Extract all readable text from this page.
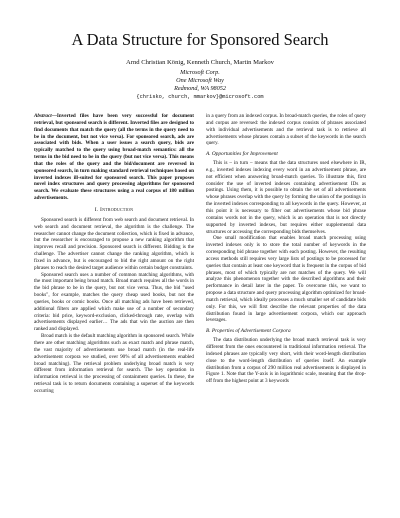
A Data Structure for Sponsored Search
Arnd Christian König, Kenneth Church, Martin Markov
Microsoft Corp.
One Microsoft Way
Redmond, WA 98052
{chrisko, church, mmarkov}@microsoft.com

Abstract—Inverted files have been very successful for document retrieval, but sponsored search is different. Inverted files are designed to find documents that match the query (all the terms in the query need to be in the document, but not vice versa). For sponsored search, ads are associated with bids. When a user issues a search query, bids are typically matched to the query using broad-match semantics: all the terms in the bid need to be in the query (but not vice versa). This means that the roles of the query and the bid/document are reversed in sponsored search, in turn making standard retrieval techniques based on inverted indexes ill-suited for sponsored search. This paper proposes novel index structures and query processing algorithms for sponsored search. We evaluate these structures using a real corpus of 180 million advertisements.

I. Introduction

Sponsored search is different from web search and document retrieval. In web search and document retrieval, the algorithm is the challenge. The researcher cannot change the document collection, which is fixed in advance, but the researcher is encouraged to propose a new ranking algorithm that improves recall and precision. Sponsored search is different. Bidding is the challenge. The advertiser cannot change the ranking algorithm, which is fixed in advance, but is encouraged to bid the right amount on the right phrases to reach the desired target audience within certain budget constraints.

Sponsored search uses a number of common matching algorithms, with the most important being broad match. Broad match requires all the words in the bid phrase to be in the query, but not vice versa. Thus, the bid "used books", for example, matches the query cheap used books, but not the queries, books or comic books. Once all matching ads have been retrieved, additional filters are applied which make use of a number of secondary criteria: bid price, keyword-exclusion, clicked-through rate, overlap with advertisements displayed earlier… The ads that win the auction are then ranked and displayed.

Broad match is the default matching algorithm in sponsored search. While there are other matching algorithms such as exact match and phrase match, the vast majority of advertisements use broad match (in the real-life advertisement corpora we studied, over 90% of all advertisements enabled broad matching). The retrieval problem underlying broad match is very different from information retrieval for search. The key operation in information retrieval is the processing of containment queries. In these, the retrieval task is to return documents containing a superset of the keywords occurring

in a query from an indexed corpus. In broad-match queries, the roles of query and corpus are reversed: the indexed corpus consists of phrases associated with individual advertisements and the retrieval task is to retrieve all advertisements whose phrases contain a subset of the keywords in the search query.

A. Opportunities for Improvement

This is – in turn – means that the data structures used elsewhere in IR, e.g., inverted indexes indexing every word in an advertisement phrase, are not efficient when answering broad-match queries. To illustrate this, first consider the use of inverted indexes containing advertisement IDs as postings. Using them, it is possible to obtain the set of all advertisements whose phrases overlap with the query by forming the union of the postings in the inverted indexes corresponding to all keywords in the query. However, at this point it is necessary to filter out advertisements whose bid phrase contains words not in the query, which is an operation that is not directly supported by inverted indexes, but requires either supplemental data structures or accessing the corresponding bids themselves.

One small modification that enables broad match processing using inverted indexes only is to store the total number of keywords in the corresponding bid phrase together with each posting. However, the resulting access methods still requires very large lists of postings to be processed for queries that contain at least one keyword that is frequent in the corpus of bid phrases, most of which typically are not matches of the query. We will analyze this phenomenon together with the described algorithms and their performance in detail later in the paper. To overcome this, we want to propose a data structure and query processing algorithm optimized for broad-match retrieval, which ideally processes a much smaller set of candidate bids only. For this, we will first describe the relevant properties of the data distribution found in large advertisement corpora, which our approach leverages.

B. Properties of Advertisement Corpora

The data distribution underlying the broad match retrieval task is very different from the ones encountered in traditional information retrieval. The indexed phrases are typically very short, with their word-length distribution close to the word-length distribution of queries itself. An example distribution from a corpus of 290 million real advertisements is displayed in Figure 1. Note that the Y-axis is in logarithmic scale, meaning that the drop-off from the highest point at 3 keywords
